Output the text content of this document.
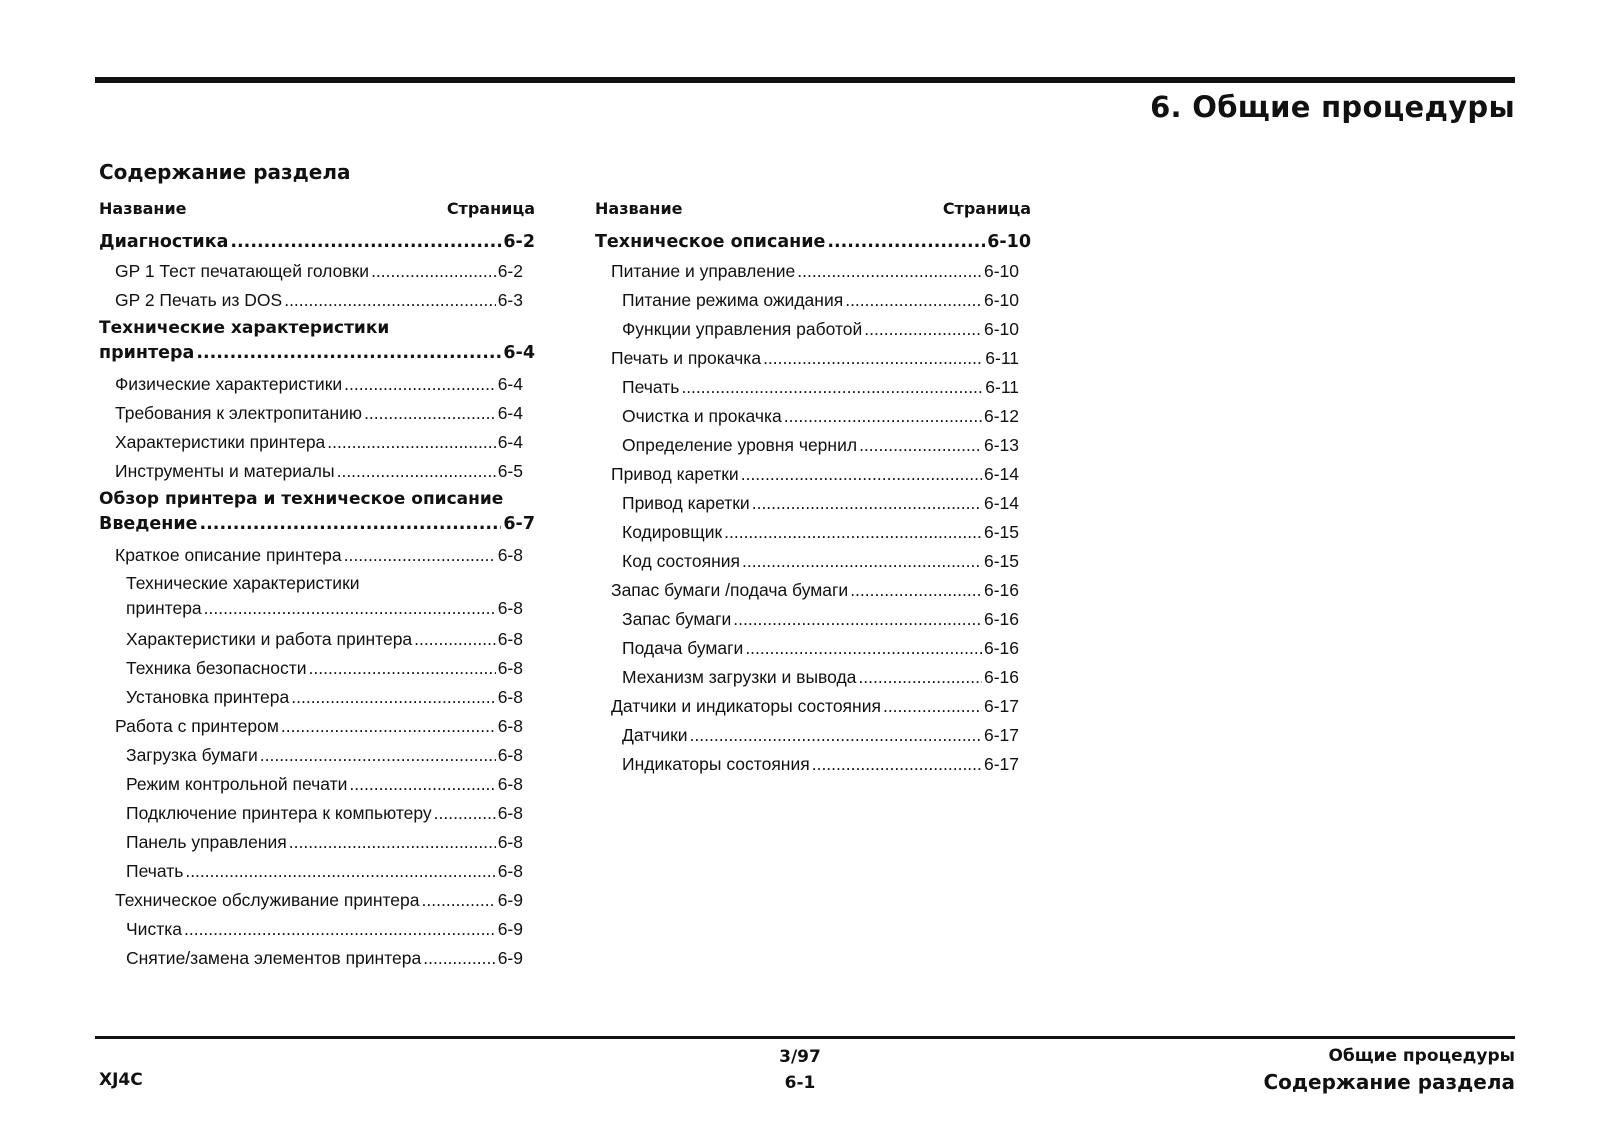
6. Общие процедуры
Содержание раздела
Название	Страница
Диагностика .....	6-2
GP 1 Тест печатающей головки .....	6-2
GP 2 Печать из DOS .....	6-3
Технические характеристики
принтера .....	6-4
Физические характеристики .....	6-4
Требования к электропитанию .....	6-4
Характеристики принтера .....	6-4
Инструменты и материалы .....	6-5
Обзор принтера и техническое описание
Введение .....	6-7
Краткое описание принтера .....	6-8
Технические характеристики
принтера .....	6-8
Характеристики и работа принтера .....	6-8
Техника безопасности .....	6-8
Установка принтера .....	6-8
Работа с принтером .....	6-8
Загрузка бумаги .....	6-8
Режим контрольной печати .....	6-8
Подключение принтера к компьютеру .....	6-8
Панель управления .....	6-8
Печать .....	6-8
Техническое обслуживание принтера .....	6-9
Чистка .....	6-9
Снятие/замена элементов принтера .....	6-9
Название	Страница
Техническое описание .....	6-10
Питание и управление .....	6-10
Питание режима ожидания .....	6-10
Функции управления работой .....	6-10
Печать и прокачка .....	6-11
Печать .....	6-11
Очистка и прокачка .....	6-12
Определение уровня чернил .....	6-13
Привод каретки .....	6-14
Привод каретки .....	6-14
Кодировщик .....	6-15
Код состояния .....	6-15
Запас бумаги /подача бумаги .....	6-16
Запас бумаги .....	6-16
Подача бумаги .....	6-16
Механизм загрузки и вывода .....	6-16
Датчики и индикаторы состояния .....	6-17
Датчики .....	6-17
Индикаторы состояния .....	6-17
XJ4C
3/97
6-1
Общие процедуры
Содержание раздела
